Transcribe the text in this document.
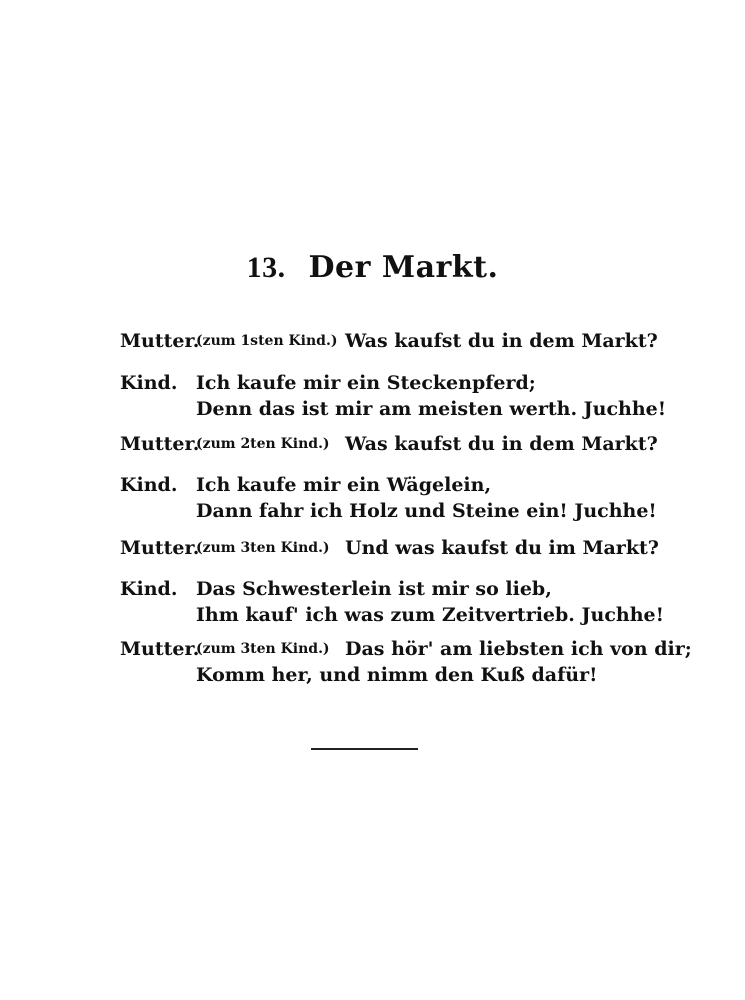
13. Der Markt.
Mutter.
(zum 1sten Kind.) Was kaufst du in dem Markt?
Kind. Ich kaufe mir ein Steckenpferd;
Denn das ist mir am meisten werth. Juchhe!
Mutter.
(zum 2ten Kind.) Was kaufst du in dem Markt?
Kind. Ich kaufe mir ein Wägelein,
Dann fahr ich Holz und Steine ein! Juchhe!
Mutter.
(zum 3ten Kind.) Und was kaufst du im Markt?
Kind. Das Schwesterlein ist mir so lieb,
Ihm kauf' ich was zum Zeitvertrieb. Juchhe!
Mutter.
(zum 3ten Kind.) Das hör' am liebsten ich von dir;
Komm her, und nimm den Kuß dafür!
